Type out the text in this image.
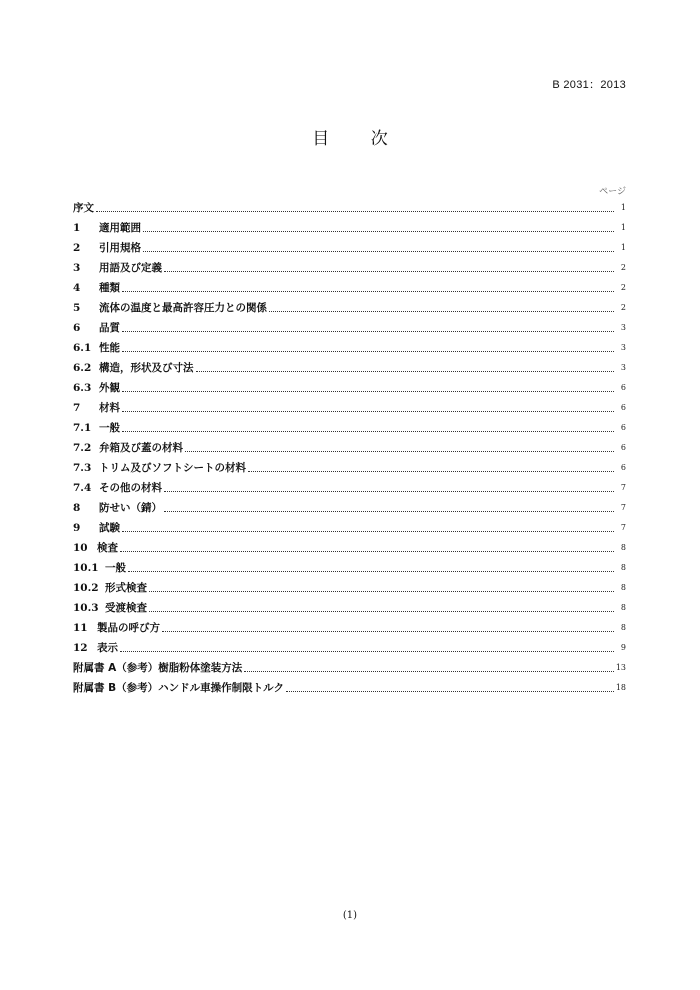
B 2031：2013
目 次
ページ
序文	1
1	適用範囲	1
2	引用規格	1
3	用語及び定義	2
4	種類	2
5	流体の温度と最高許容圧力との関係	2
6	品質	3
6.1 性能	3
6.2 構造，形状及び寸法	3
6.3 外観	6
7	材料	6
7.1 一般	6
7.2 弁箱及び蓋の材料	6
7.3 トリム及びソフトシートの材料	6
7.4 その他の材料	7
8	防せい（錆）	7
9	試験	7
10 検査	8
10.1 一般	8
10.2 形式検査	8
10.3 受渡検査	8
11 製品の呼び方	8
12 表示	9
附属書 A（参考）樹脂粉体塗装方法	13
附属書 B（参考）ハンドル車操作制限トルク	18
(1)
